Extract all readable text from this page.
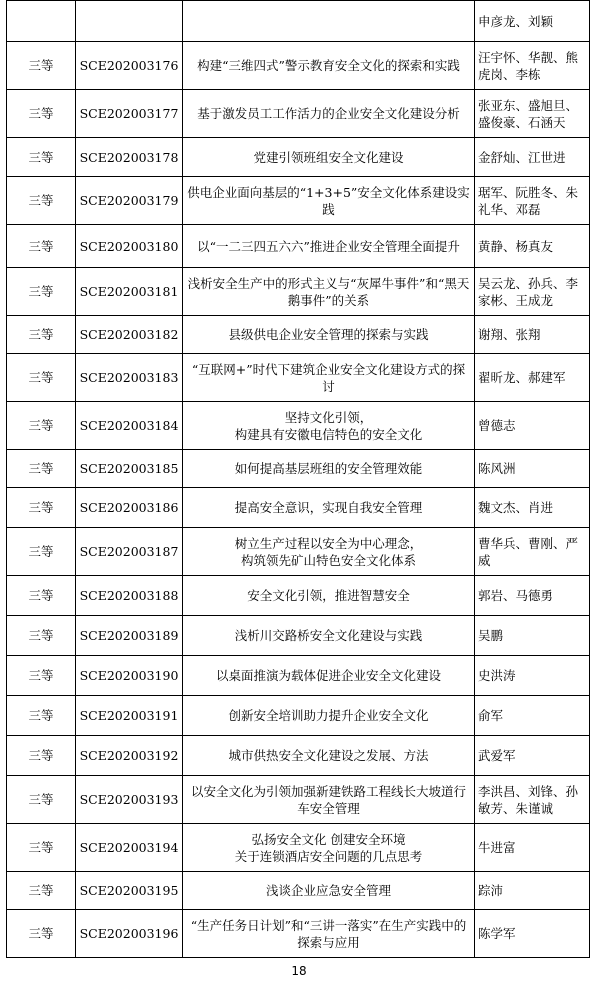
			申彦龙、刘颖
三等	SCE202003176	构建“三维四式”警示教育安全文化的探索和实践	汪宇怀、华靓、熊虎岗、李栋
三等	SCE202003177	基于激发员工工作活力的企业安全文化建设分析	张亚东、盛旭旦、盛俊豪、石涵天
三等	SCE202003178	党建引领班组安全文化建设	金舒灿、江世进
三等	SCE202003179	供电企业面向基层的“1+3+5”安全文化体系建设实践	琚军、阮胜冬、朱礼华、邓磊
三等	SCE202003180	以“一二三四五六六”推进企业安全管理全面提升	黄静、杨真友
三等	SCE202003181	浅析安全生产中的形式主义与“灰犀牛事件”和“黑天鹅事件”的关系	吴云龙、孙兵、李家彬、王成龙
三等	SCE202003182	县级供电企业安全管理的探索与实践	谢翔、张翔
三等	SCE202003183	“互联网+”时代下建筑企业安全文化建设方式的探讨	翟昕龙、郝建军
三等	SCE202003184	坚持文化引领，
构建具有安徽电信特色的安全文化	曾德志
三等	SCE202003185	如何提高基层班组的安全管理效能	陈风洲
三等	SCE202003186	提高安全意识，实现自我安全管理	魏文杰、肖进
三等	SCE202003187	树立生产过程以安全为中心理念，
构筑领先矿山特色安全文化体系	曹华兵、曹刚、严威
三等	SCE202003188	安全文化引领，推进智慧安全	郭岩、马德勇
三等	SCE202003189	浅析川交路桥安全文化建设与实践	吴鹏
三等	SCE202003190	以桌面推演为载体促进企业安全文化建设	史洪涛
三等	SCE202003191	创新安全培训助力提升企业安全文化	俞军
三等	SCE202003192	城市供热安全文化建设之发展、方法	武爱军
三等	SCE202003193	以安全文化为引领加强新建铁路工程线长大坡道行车安全管理	李洪昌、刘锋、孙敏芳、朱谨诚
三等	SCE202003194	弘扬安全文化 创建安全环境
关于连锁酒店安全问题的几点思考	牛进富
三等	SCE202003195	浅谈企业应急安全管理	踪沛
三等	SCE202003196	“生产任务日计划”和“三讲一落实”在生产实践中的探索与应用	陈学军
18
